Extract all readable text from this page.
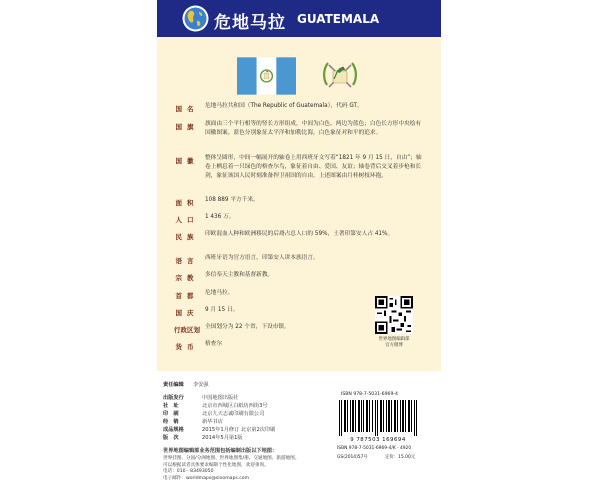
危地马拉 GUATEMALA
国名	危地马拉共和国（The Republic of Guatemala），代码 GT。
国旗	旗面由三个平行相等的竖长方形组成，中间为白色，两边为蓝色；白色长方形中央绘有国徽图案。蓝色分别象征太平洋和加勒比海，白色象征对和平的追求。
国徽	整体呈圆形，中间一幅展开的轴卷上用西班牙文写着“1821 年 9 月 15 日，自由”；轴卷上栖息着一只绿色的格查尔鸟，象征着自由、爱国、友谊；轴卷背后交叉着步枪和长剑，象征该国人民时刻准备捍卫祖国的自由。上述图案由月桂树枝环抱。
面积	108 889 平方千米。
人口	1 436 万。
民族	印欧混血人种和欧洲移民的后裔占总人口的 59%，土著印第安人占 41%。
语言	西班牙语为官方语言，印第安人讲本族语言。
宗教	多信奉天主教和基督新教。
首都	危地马拉。
国庆	9 月 15 日。
行政区划 全国划分为 22 个省，下设市镇。
货币	格查尔
世界地图编辑部
官方微博
责任编辑 李安强
出版发行	中国地图出版社
社　址	北京市西城区白纸坊西街3号
印　刷	北京九天志诚印刷有限公司
经　销	新华书店
成品规格	2015年1月修订 北京第2次印刷
版　次	2014年5月第1版
世界地图编辑部业务范围包括编制出版以下地图：
世界挂图、分国/分洲地图、世界地图集/册、交通地图、旅游地图。
可以根据读者具体要求编制个性化地图，欢迎垂询。
电话：010－83493050
电子邮件：worldmaps@sinomaps.com
ISBN 978-7-5031-6969-4
9 787503 169694
ISBN 978-7-5031-6969-4/K · 4920
GS(2014)57号	定价：15.00元
